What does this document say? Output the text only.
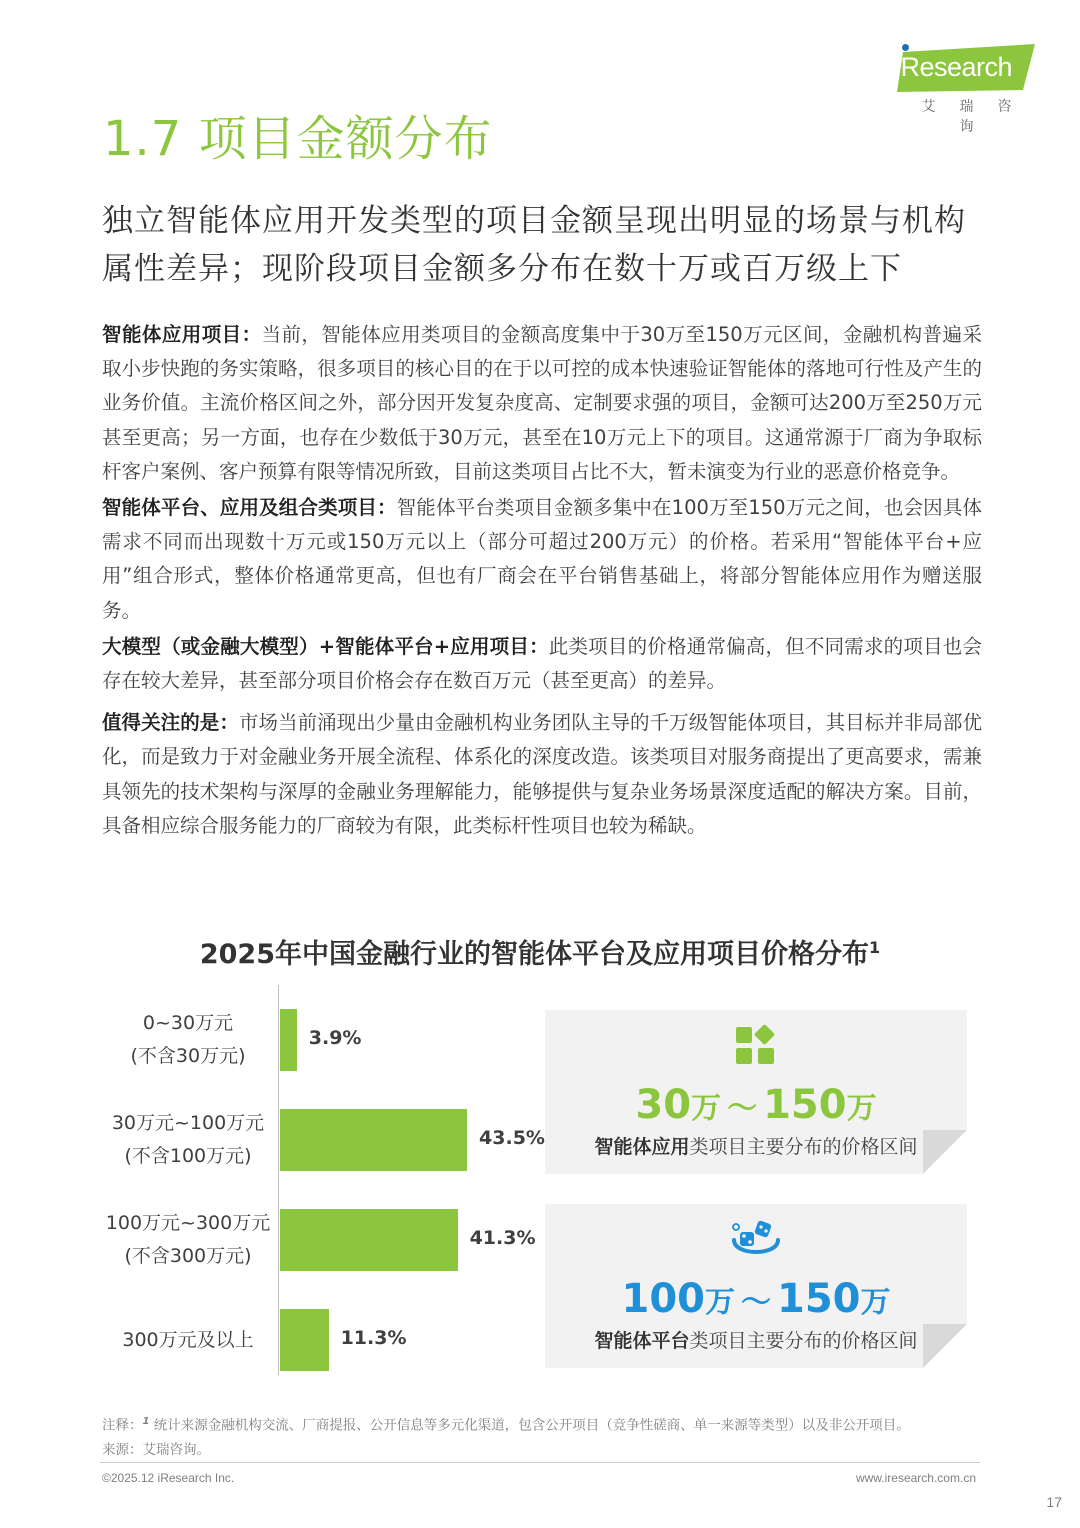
iResearch
艾瑞咨询
1.7 项目金额分布
独立智能体应用开发类型的项目金额呈现出明显的场景与机构属性差异；现阶段项目金额多分布在数十万或百万级上下

智能体应用项目：当前，智能体应用类项目的金额高度集中于30万至150万元区间，金融机构普遍采取小步快跑的务实策略，很多项目的核心目的在于以可控的成本快速验证智能体的落地可行性及产生的业务价值。主流价格区间之外，部分因开发复杂度高、定制要求强的项目，金额可达200万至250万元甚至更高；另一方面，也存在少数低于30万元，甚至在10万元上下的项目。这通常源于厂商为争取标杆客户案例、客户预算有限等情况所致，目前这类项目占比不大，暂未演变为行业的恶意价格竞争。

智能体平台、应用及组合类项目：智能体平台类项目金额多集中在100万至150万元之间，也会因具体需求不同而出现数十万元或150万元以上（部分可超过200万元）的价格。若采用“智能体平台+应用”组合形式，整体价格通常更高，但也有厂商会在平台销售基础上，将部分智能体应用作为赠送服务。

大模型（或金融大模型）+智能体平台+应用项目：此类项目的价格通常偏高，但不同需求的项目也会存在较大差异，甚至部分项目价格会存在数百万元（甚至更高）的差异。

值得关注的是：市场当前涌现出少量由金融机构业务团队主导的千万级智能体项目，其目标并非局部优化，而是致力于对金融业务开展全流程、体系化的深度改造。该类项目对服务商提出了更高要求，需兼具领先的技术架构与深厚的金融业务理解能力，能够提供与复杂业务场景深度适配的解决方案。目前，具备相应综合服务能力的厂商较为有限，此类标杆性项目也较为稀缺。

2025年中国金融行业的智能体平台及应用项目价格分布$^1$
0~30万元
(不含30万元)
3.9%
30万元~100万元
(不含100万元)
43.5%
100万元~300万元
(不含300万元)
41.3%
300万元及以上	11.3%
30万 ～ 150万
智能体应用类项目主要分布的价格区间
100万 ～ 150万
智能体平台类项目主要分布的价格区间
注释：$^1$ 统计来源金融机构交流、厂商提报、公开信息等多元化渠道，包含公开项目（竞争性磋商、单一来源等类型）以及非公开项目。
来源：艾瑞咨询。
©2025.12 iResearch Inc.	www.iresearch.com.cn
17
